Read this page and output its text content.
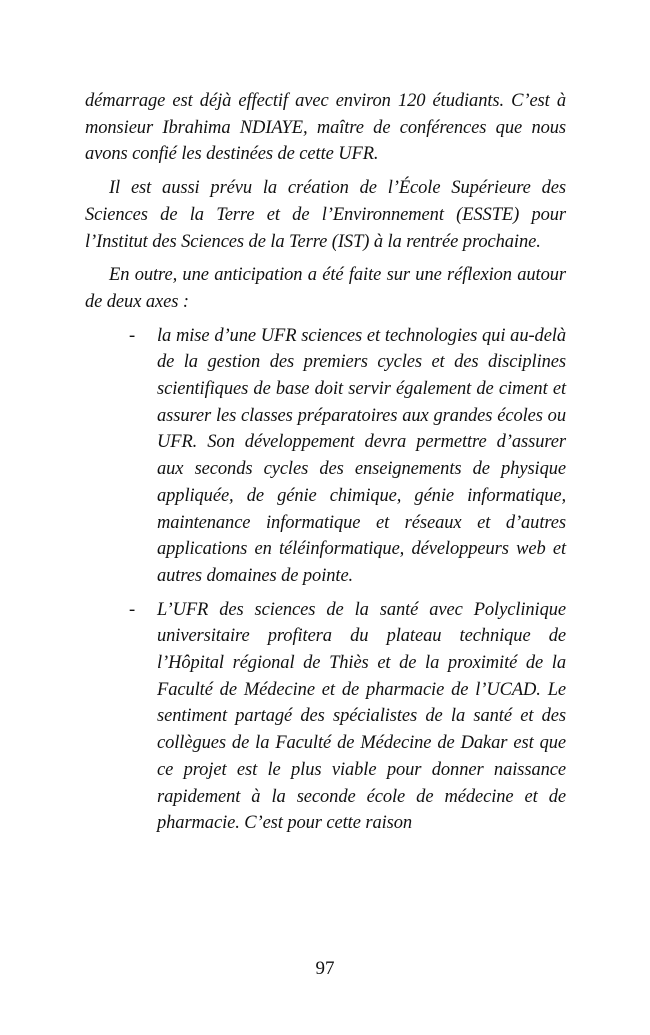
démarrage est déjà effectif avec environ 120 étudiants. C’est à monsieur Ibrahima NDIAYE, maître de conférences que nous avons confié les destinées de cette UFR.

Il est aussi prévu la création de l’École Supérieure des Sciences de la Terre et de l’Environnement (ESSTE) pour l’Institut des Sciences de la Terre (IST) à la rentrée prochaine.

En outre, une anticipation a été faite sur une réflexion autour de deux axes :

- la mise d’une UFR sciences et technologies qui au-delà de la gestion des premiers cycles et des disciplines scientifiques de base doit servir également de ciment et assurer les classes préparatoires aux grandes écoles ou UFR. Son développement devra permettre d’assurer aux seconds cycles des enseignements de physique appliquée, de génie chimique, génie informatique, maintenance informatique et réseaux et d’autres applications en téléinformatique, développeurs web et autres domaines de pointe.
- L’UFR des sciences de la santé avec Polyclinique universitaire profitera du plateau technique de l’Hôpital régional de Thiès et de la proximité de la Faculté de Médecine et de pharmacie de l’UCAD. Le sentiment partagé des spécialistes de la santé et des collègues de la Faculté de Médecine de Dakar est que ce projet est le plus viable pour donner naissance rapidement à la seconde école de médecine et de pharmacie. C’est pour cette raison
97
